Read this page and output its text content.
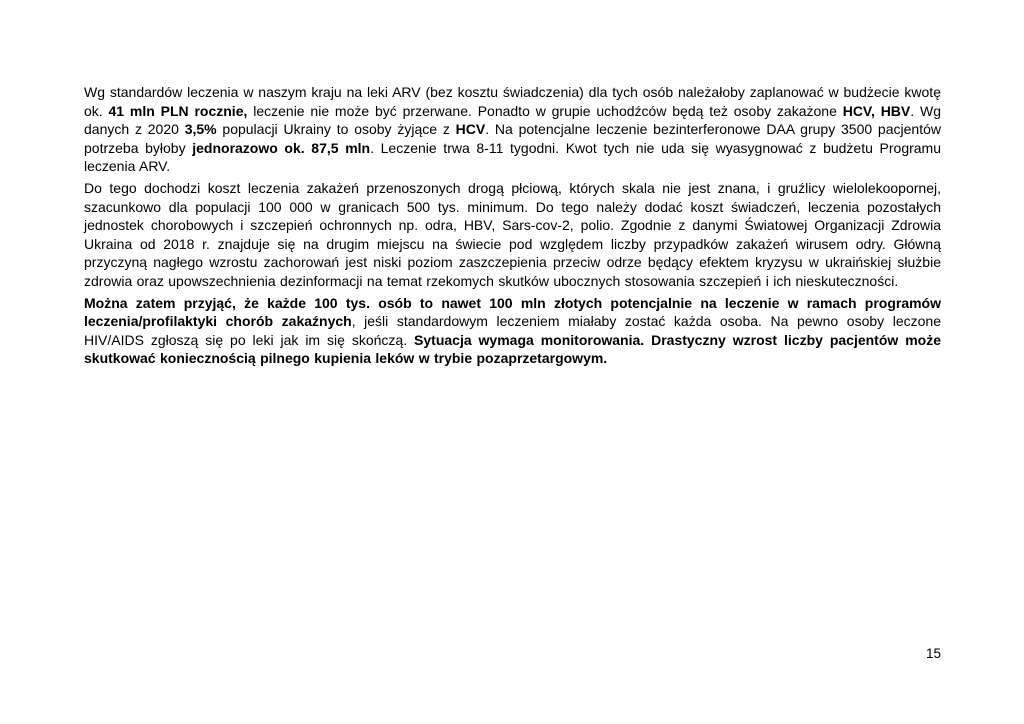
Wg standardów leczenia w naszym kraju na leki ARV (bez kosztu świadczenia) dla tych osób należałoby zaplanować w budżecie kwotę ok. 41 mln PLN rocznie, leczenie nie może być przerwane. Ponadto w grupie uchodźców będą też osoby zakażone HCV, HBV. Wg danych z 2020 3,5% populacji Ukrainy to osoby żyjące z HCV. Na potencjalne leczenie bezinterferonowe DAA grupy 3500 pacjentów potrzeba byłoby jednorazowo ok. 87,5 mln. Leczenie trwa 8-11 tygodni. Kwot tych nie uda się wyasygnować z budżetu Programu leczenia ARV.

Do tego dochodzi koszt leczenia zakażeń przenoszonych drogą płciową, których skala nie jest znana, i gruźlicy wielolekoopornej, szacunkowo dla populacji 100 000 w granicach 500 tys. minimum. Do tego należy dodać koszt świadczeń, leczenia pozostałych jednostek chorobowych i szczepień ochronnych np. odra, HBV, Sars-cov-2, polio. Zgodnie z danymi Światowej Organizacji Zdrowia Ukraina od 2018 r. znajduje się na drugim miejscu na świecie pod względem liczby przypadków zakażeń wirusem odry. Główną przyczyną nagłego wzrostu zachorowań jest niski poziom zaszczepienia przeciw odrze będący efektem kryzysu w ukraińskiej służbie zdrowia oraz upowszechnienia dezinformacji na temat rzekomych skutków ubocznych stosowania szczepień i ich nieskuteczności.

Można zatem przyjąć, że każde 100 tys. osób to nawet 100 mln złotych potencjalnie na leczenie w ramach programów leczenia/profilaktyki chorób zakaźnych, jeśli standardowym leczeniem miałaby zostać każda osoba. Na pewno osoby leczone HIV/AIDS zgłoszą się po leki jak im się skończą. Sytuacja wymaga monitorowania. Drastyczny wzrost liczby pacjentów może skutkować koniecznością pilnego kupienia leków w trybie pozaprzetargowym.

15
